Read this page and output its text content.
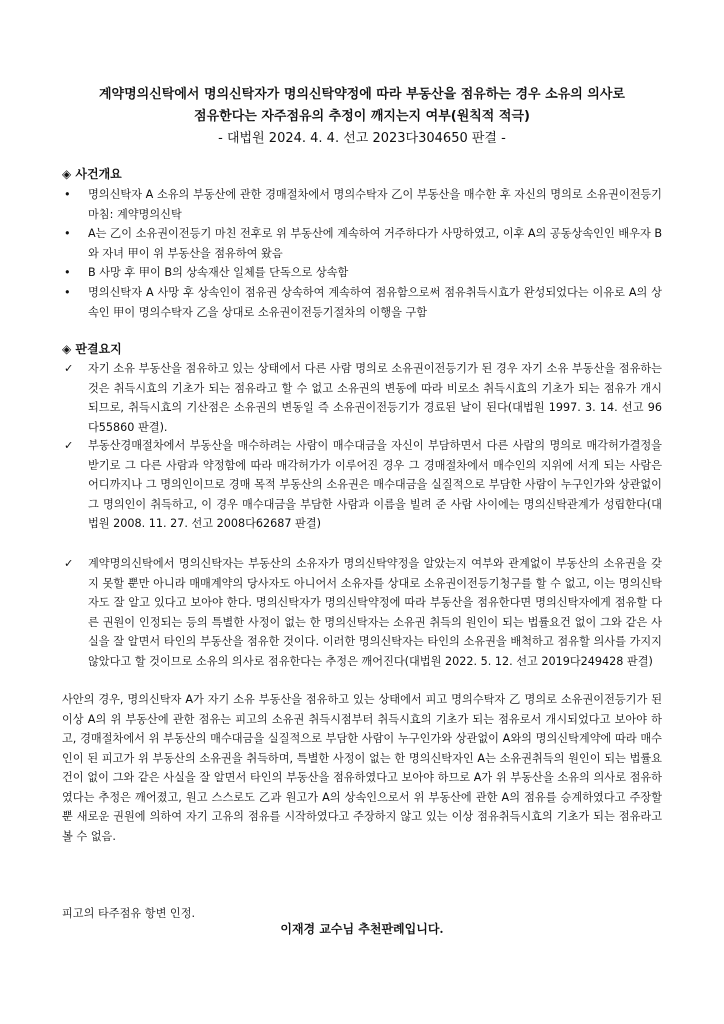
계약명의신탁에서 명의신탁자가 명의신탁약정에 따라 부동산을 점유하는 경우 소유의 의사로
점유한다는 자주점유의 추정이 깨지는지 여부(원칙적 적극)
- 대법원 2024. 4. 4. 선고 2023다304650 판결 -
◈ 사건개요
• 명의신탁자 A 소유의 부동산에 관한 경매절차에서 명의수탁자 乙이 부동산을 매수한 후 자신의 명의로 소유권이전등기 마침: 계약명의신탁
• A는 乙이 소유권이전등기 마친 전후로 위 부동산에 계속하여 거주하다가 사망하였고, 이후 A의 공동상속인인 배우자 B와 자녀 甲이 위 부동산을 점유하여 왔음
• B 사망 후 甲이 B의 상속재산 일체를 단독으로 상속함
• 명의신탁자 A 사망 후 상속인이 점유권 상속하여 계속하여 점유함으로써 점유취득시효가 완성되었다는 이유로 A의 상속인 甲이 명의수탁자 乙을 상대로 소유권이전등기절차의 이행을 구함
◈ 판결요지
✓ 자기 소유 부동산을 점유하고 있는 상태에서 다른 사람 명의로 소유권이전등기가 된 경우 자기 소유 부동산을 점유하는 것은 취득시효의 기초가 되는 점유라고 할 수 없고 소유권의 변동에 따라 비로소 취득시효의 기초가 되는 점유가 개시되므로, 취득시효의 기산점은 소유권의 변동일 즉 소유권이전등기가 경료된 날이 된다(대법원 1997. 3. 14. 선고 96다55860 판결).
✓ 부동산경매절차에서 부동산을 매수하려는 사람이 매수대금을 자신이 부담하면서 다른 사람의 명의로 매각허가결정을 받기로 그 다른 사람과 약정함에 따라 매각허가가 이루어진 경우 그 경매절차에서 매수인의 지위에 서게 되는 사람은 어디까지나 그 명의인이므로 경매 목적 부동산의 소유권은 매수대금을 실질적으로 부담한 사람이 누구인가와 상관없이 그 명의인이 취득하고, 이 경우 매수대금을 부담한 사람과 이름을 빌려 준 사람 사이에는 명의신탁관계가 성립한다(대법원 2008. 11. 27. 선고 2008다62687 판결)
✓ 계약명의신탁에서 명의신탁자는 부동산의 소유자가 명의신탁약정을 알았는지 여부와 관계없이 부동산의 소유권을 갖지 못할 뿐만 아니라 매매계약의 당사자도 아니어서 소유자를 상대로 소유권이전등기청구를 할 수 없고, 이는 명의신탁자도 잘 알고 있다고 보아야 한다. 명의신탁자가 명의신탁약정에 따라 부동산을 점유한다면 명의신탁자에게 점유할 다른 권원이 인정되는 등의 특별한 사정이 없는 한 명의신탁자는 소유권 취득의 원인이 되는 법률요건 없이 그와 같은 사실을 잘 알면서 타인의 부동산을 점유한 것이다. 이러한 명의신탁자는 타인의 소유권을 배척하고 점유할 의사를 가지지 않았다고 할 것이므로 소유의 의사로 점유한다는 추정은 깨어진다(대법원 2022. 5. 12. 선고 2019다249428 판결)
사안의 경우, 명의신탁자 A가 자기 소유 부동산을 점유하고 있는 상태에서 피고 명의수탁자 乙 명의로 소유권이전등기가 된 이상 A의 위 부동산에 관한 점유는 피고의 소유권 취득시점부터 취득시효의 기초가 되는 점유로서 개시되었다고 보아야 하고, 경매절차에서 위 부동산의 매수대금을 실질적으로 부담한 사람이 누구인가와 상관없이 A와의 명의신탁계약에 따라 매수인이 된 피고가 위 부동산의 소유권을 취득하며, 특별한 사정이 없는 한 명의신탁자인 A는 소유권취득의 원인이 되는 법률요건이 없이 그와 같은 사실을 잘 알면서 타인의 부동산을 점유하였다고 보아야 하므로 A가 위 부동산을 소유의 의사로 점유하였다는 추정은 깨어졌고, 원고 스스로도 乙과 원고가 A의 상속인으로서 위 부동산에 관한 A의 점유를 승계하였다고 주장할 뿐 새로운 권원에 의하여 자기 고유의 점유를 시작하였다고 주장하지 않고 있는 이상 점유취득시효의 기초가 되는 점유라고 볼 수 없음.
피고의 타주점유 항변 인정.
이재경 교수님 추천판례입니다.
